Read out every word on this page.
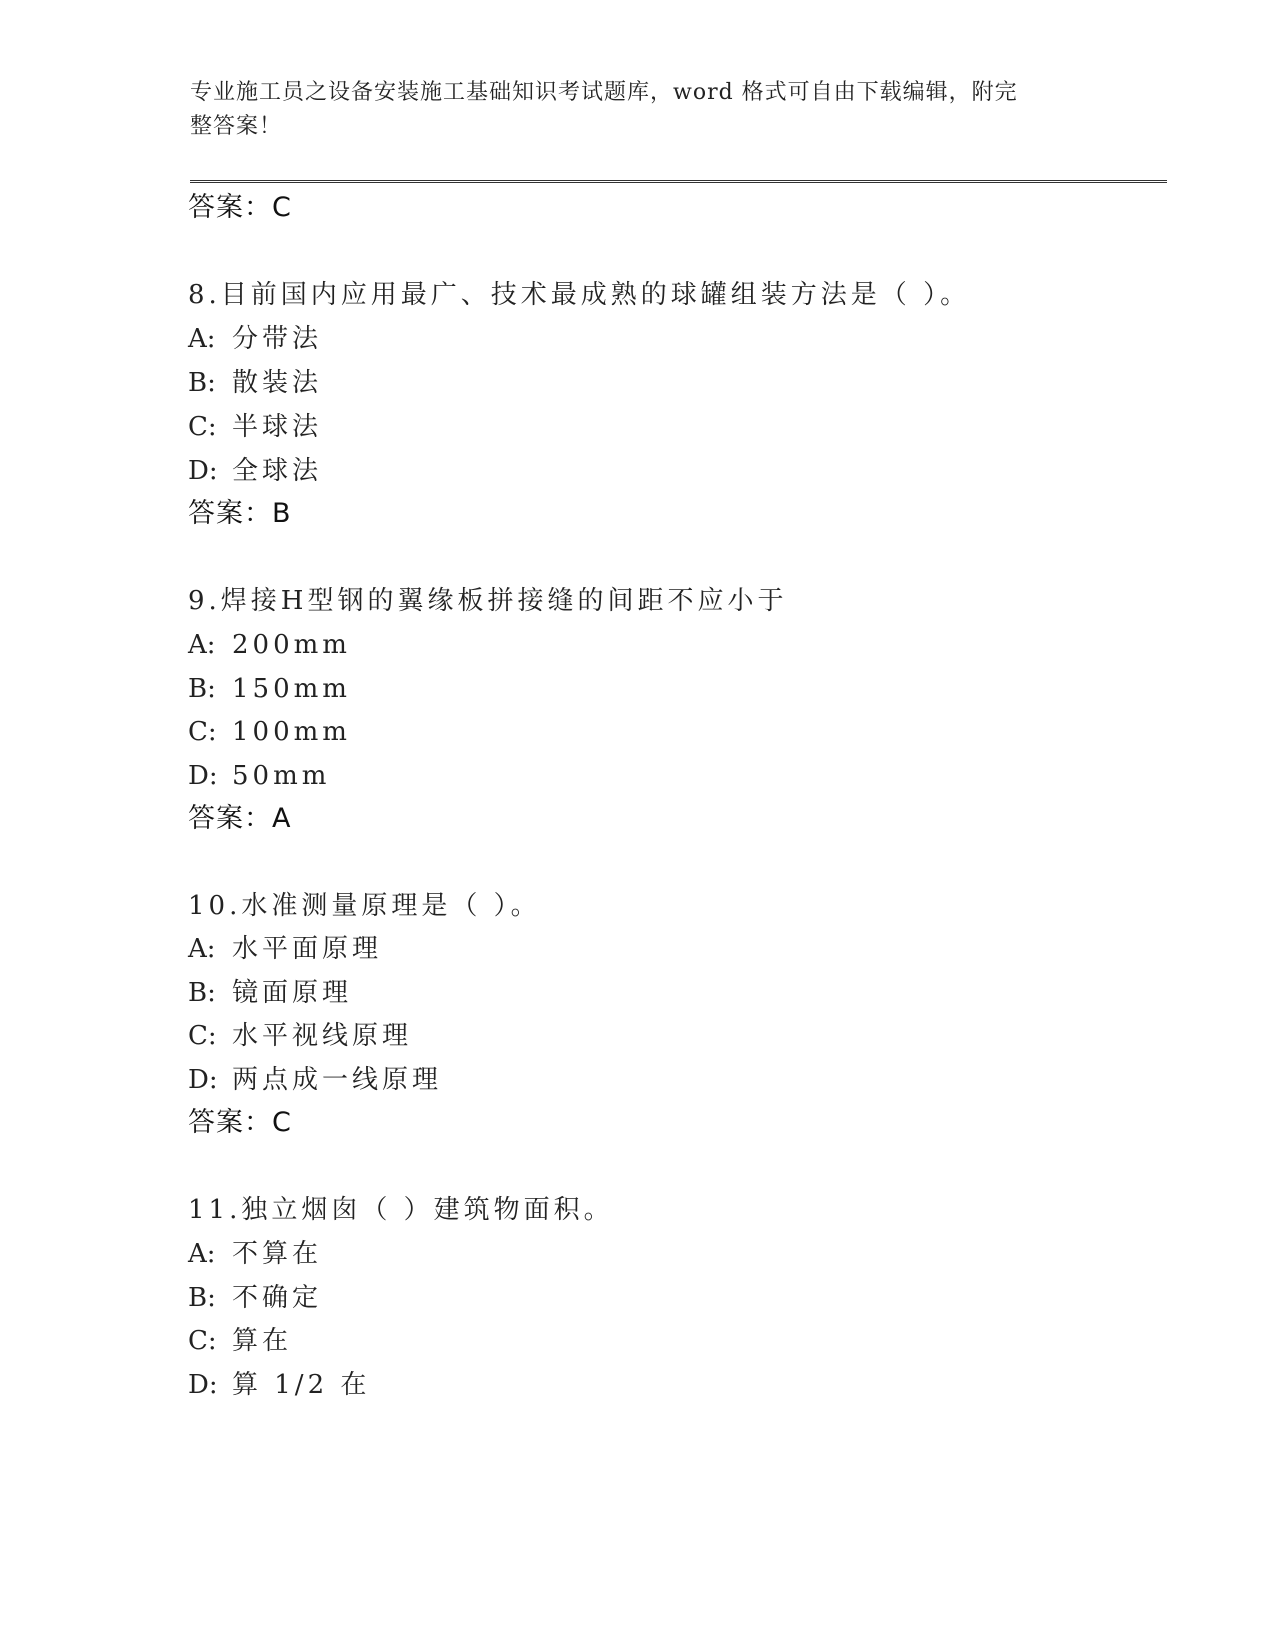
专业施工员之设备安装施工基础知识考试题库，word 格式可自由下载编辑，附完
整答案！
答案：C
8.目前国内应用最广、技术最成熟的球罐组装方法是（ ）。
A: 分带法
B: 散装法
C: 半球法
D: 全球法
答案：B
9.焊接H型钢的翼缘板拼接缝的间距不应小于
A: 200mm
B: 150mm
C: 100mm
D: 50mm
答案：A
10.水准测量原理是（ ）。
A: 水平面原理
B: 镜面原理
C: 水平视线原理
D: 两点成一线原理
答案：C
11.独立烟囱（ ）建筑物面积。
A: 不算在
B: 不确定
C: 算在
D: 算 1/2 在
